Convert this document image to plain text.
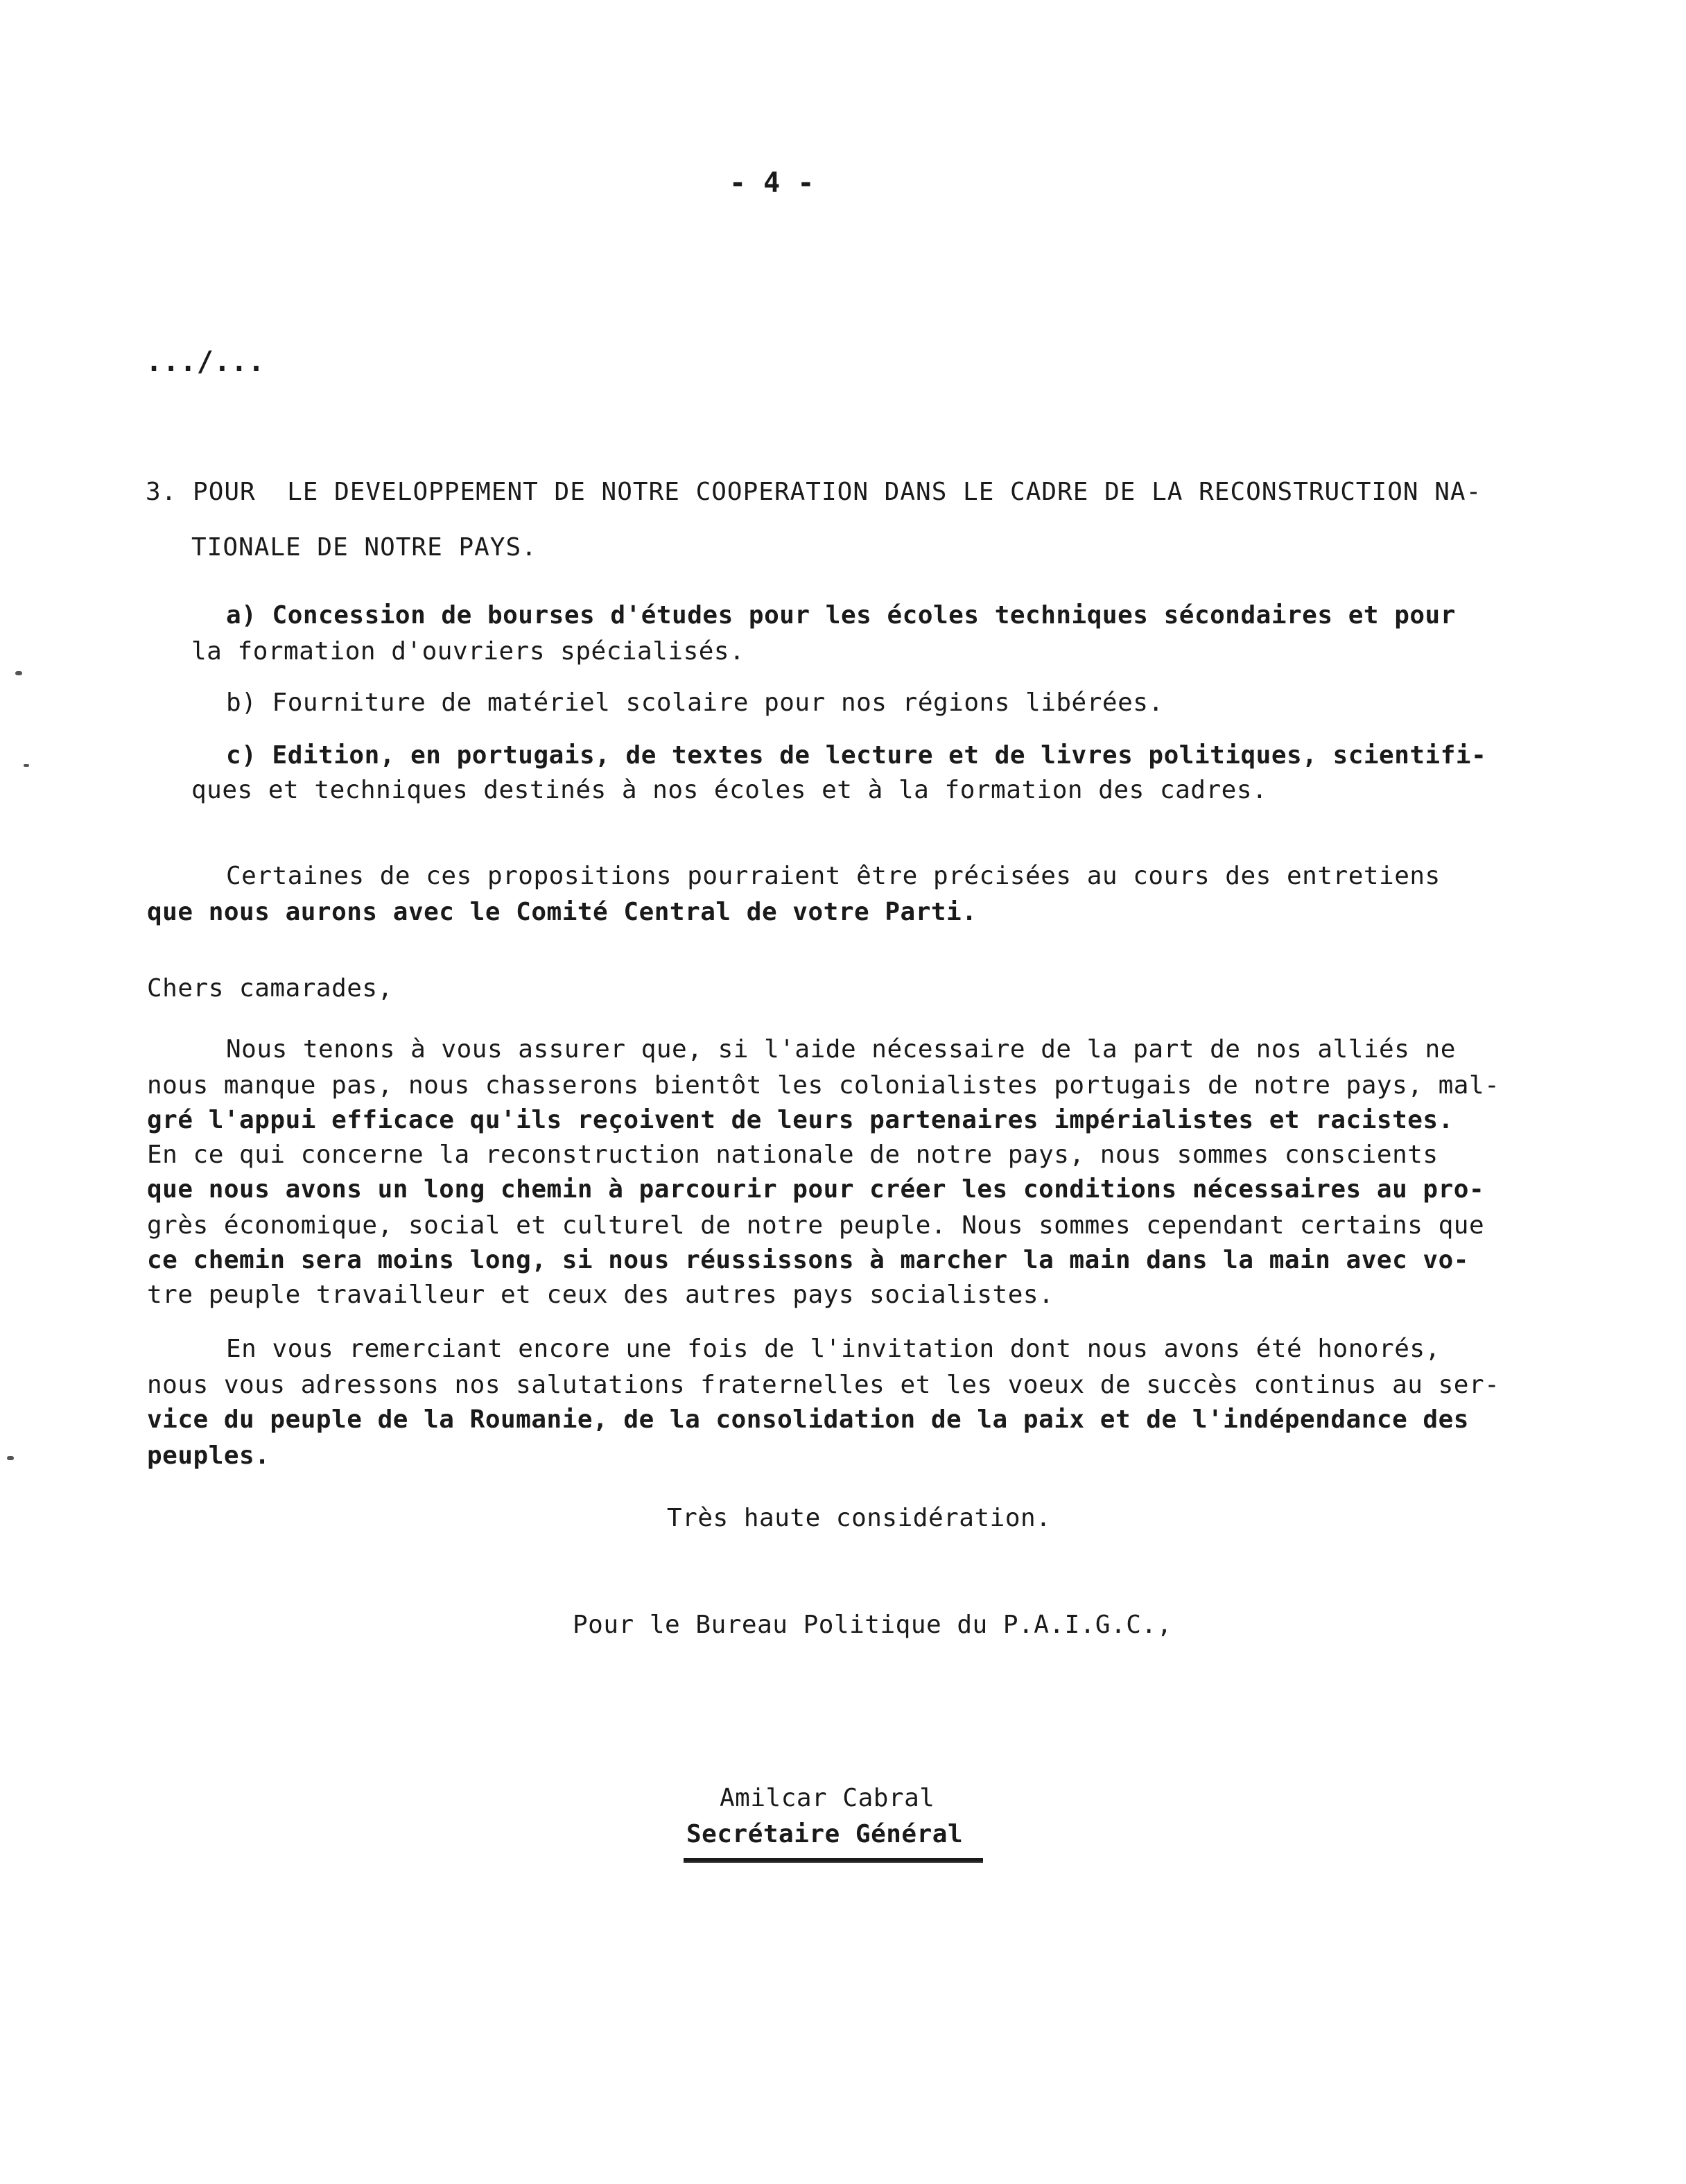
- 4 -
.../...
3. POUR  LE DEVELOPPEMENT DE NOTRE COOPERATION DANS LE CADRE DE LA RECONSTRUCTION NA-
TIONALE DE NOTRE PAYS.
a) Concession de bourses d'études pour les écoles techniques sécondaires et pour
la formation d'ouvriers spécialisés.
b) Fourniture de matériel scolaire pour nos régions libérées.
c) Edition, en portugais, de textes de lecture et de livres politiques, scientifi-
ques et techniques destinés à nos écoles et à la formation des cadres.
Certaines de ces propositions pourraient être précisées au cours des entretiens
que nous aurons avec le Comité Central de votre Parti.
Chers camarades,
Nous tenons à vous assurer que, si l'aide nécessaire de la part de nos alliés ne
nous manque pas, nous chasserons bientôt les colonialistes portugais de notre pays, mal-
gré l'appui efficace qu'ils reçoivent de leurs partenaires impérialistes et racistes.
En ce qui concerne la reconstruction nationale de notre pays, nous sommes conscients
que nous avons un long chemin à parcourir pour créer les conditions nécessaires au pro-
grès économique, social et culturel de notre peuple. Nous sommes cependant certains que
ce chemin sera moins long, si nous réussissons à marcher la main dans la main avec vo-
tre peuple travailleur et ceux des autres pays socialistes.
En vous remerciant encore une fois de l'invitation dont nous avons été honorés,
nous vous adressons nos salutations fraternelles et les voeux de succès continus au ser-
vice du peuple de la Roumanie, de la consolidation de la paix et de l'indépendance des
peuples.
Très haute considération.
Pour le Bureau Politique du P.A.I.G.C.,
Amilcar Cabral
Secrétaire Général
